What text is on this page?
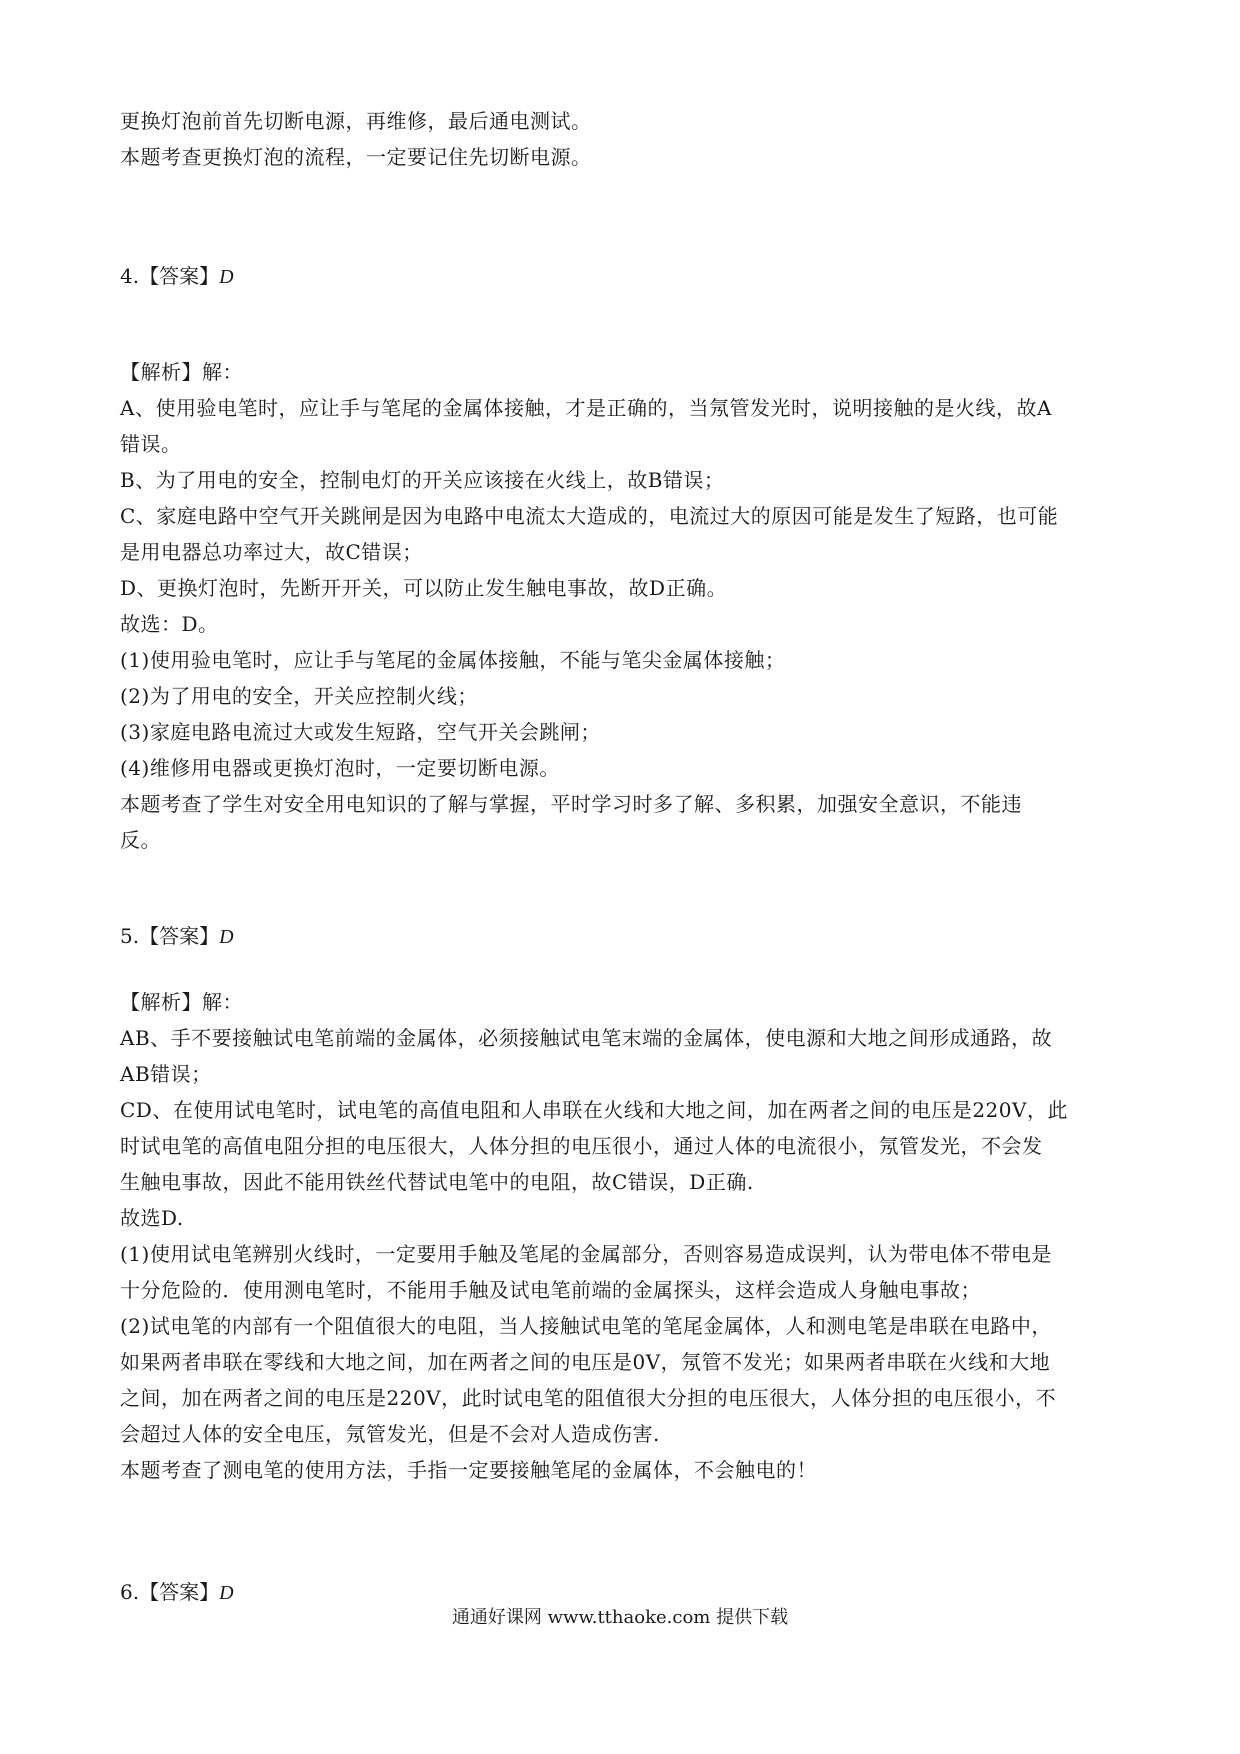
更换灯泡前首先切断电源，再维修，最后通电测试。
本题考查更换灯泡的流程，一定要记住先切断电源。
4.【答案】D
【解析】解：
A、使用验电笔时，应让手与笔尾的金属体接触，才是正确的，当氖管发光时，说明接触的是火线，故A
错误。
B、为了用电的安全，控制电灯的开关应该接在火线上，故B错误；
C、家庭电路中空气开关跳闸是因为电路中电流太大造成的，电流过大的原因可能是发生了短路，也可能
是用电器总功率过大，故C错误；
D、更换灯泡时，先断开开关，可以防止发生触电事故，故D正确。
故选：D。
(1)使用验电笔时，应让手与笔尾的金属体接触，不能与笔尖金属体接触；
(2)为了用电的安全，开关应控制火线；
(3)家庭电路电流过大或发生短路，空气开关会跳闸；
(4)维修用电器或更换灯泡时，一定要切断电源。
本题考查了学生对安全用电知识的了解与掌握，平时学习时多了解、多积累，加强安全意识，不能违
反。
5.【答案】D
【解析】解：
AB、手不要接触试电笔前端的金属体，必须接触试电笔末端的金属体，使电源和大地之间形成通路，故
AB错误；
CD、在使用试电笔时，试电笔的高值电阻和人串联在火线和大地之间，加在两者之间的电压是220V，此
时试电笔的高值电阻分担的电压很大，人体分担的电压很小，通过人体的电流很小，氖管发光，不会发
生触电事故，因此不能用铁丝代替试电笔中的电阻，故C错误，D正确.
故选D.
(1)使用试电笔辨别火线时，一定要用手触及笔尾的金属部分，否则容易造成误判，认为带电体不带电是
十分危险的．使用测电笔时，不能用手触及试电笔前端的金属探头，这样会造成人身触电事故；
(2)试电笔的内部有一个阻值很大的电阻，当人接触试电笔的笔尾金属体，人和测电笔是串联在电路中，
如果两者串联在零线和大地之间，加在两者之间的电压是0V，氖管不发光；如果两者串联在火线和大地
之间，加在两者之间的电压是220V，此时试电笔的阻值很大分担的电压很大，人体分担的电压很小，不
会超过人体的安全电压，氖管发光，但是不会对人造成伤害.
本题考查了测电笔的使用方法，手指一定要接触笔尾的金属体，不会触电的！
6.【答案】D
通通好课网 www.tthaoke.com 提供下载
